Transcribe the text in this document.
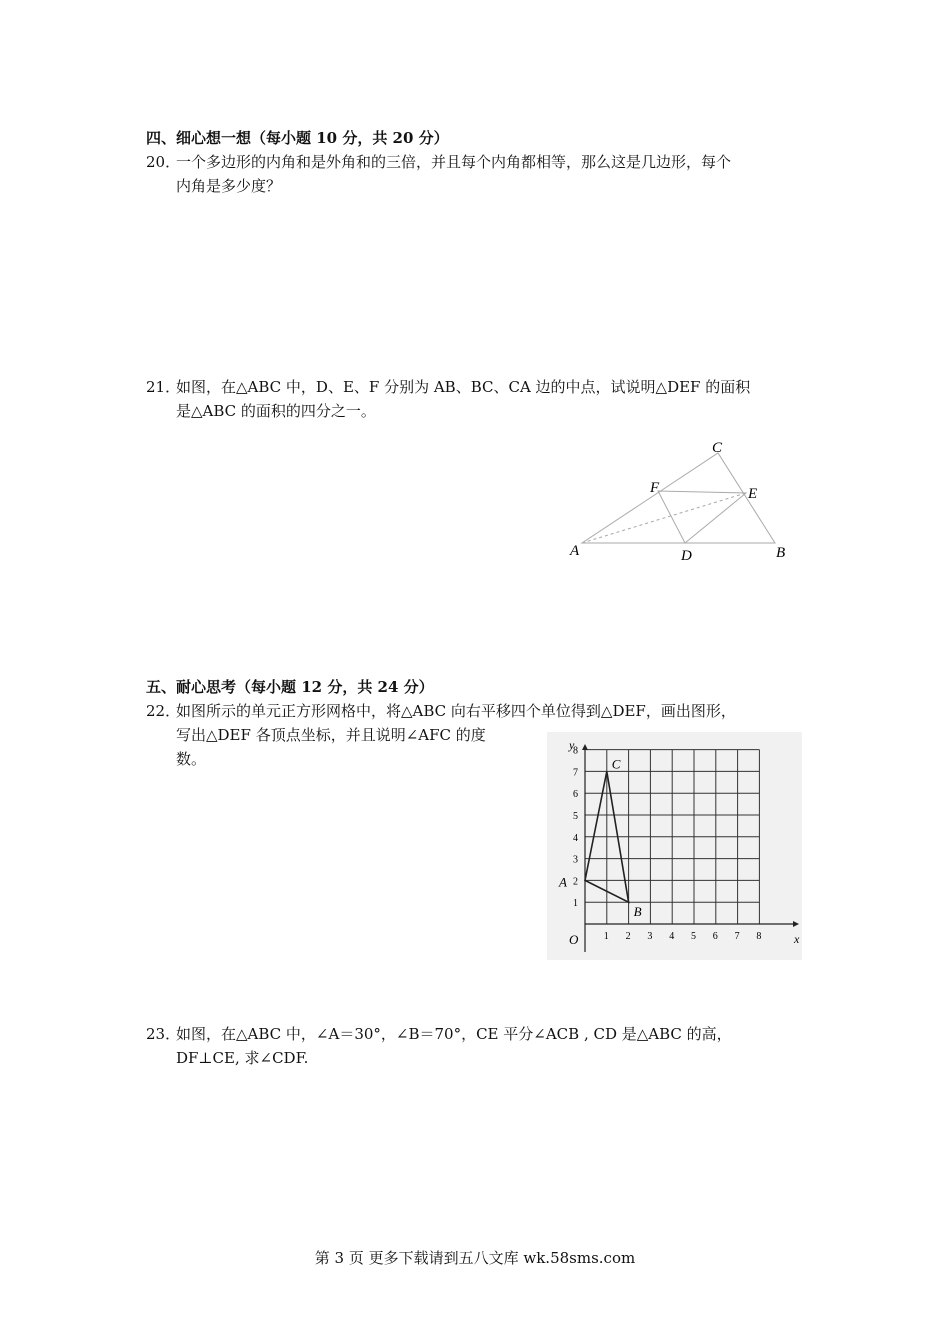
四、细心想一想（每小题 10 分，共 20 分）
20．一个多边形的内角和是外角和的三倍，并且每个内角都相等，那么这是几边形，每个
内角是多少度？
21．如图，在△ABC 中，D、E、F 分别为 AB、BC、CA 边的中点，试说明△DEF 的面积
是△ABC 的面积的四分之一。
A	B
C
D
E
F
五、耐心思考（每小题 12 分，共 24 分）
22．如图所示的单元正方形网格中，将△ABC 向右平移四个单位得到△DEF，画出图形，
写出△DEF 各顶点坐标，并且说明∠AFC 的度
数。
1 2 3 4 5 6 7 8
1
2
3
4
5
6
7
8
x
y
O
A
B
C
23．如图，在△ABC 中，∠A＝30°，∠B＝70°，CE 平分∠ACB , CD 是△ABC 的高，
DF⊥CE, 求∠CDF.
第 3 页 更多下载请到五八文库 wk.58sms.com
